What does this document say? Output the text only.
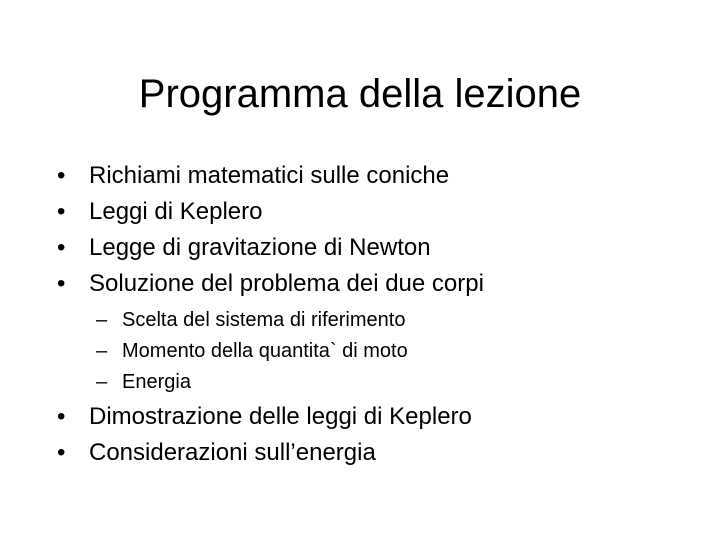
Programma della lezione
• Richiami matematici sulle coniche
• Leggi di Keplero
• Legge di gravitazione di Newton
• Soluzione del problema dei due corpi
– Scelta del sistema di riferimento
– Momento della quantita` di moto
– Energia
• Dimostrazione delle leggi di Keplero
• Considerazioni sull’energia
